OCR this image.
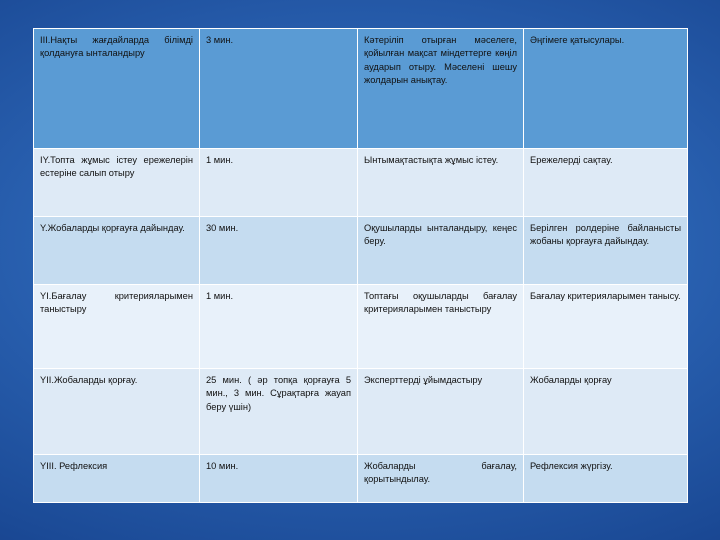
III.Нақты жағдайларда білімді қолдануға ынталандыру	3 мин.	Кәтеріліп отырған мәселеге, қойылған мақсат міндеттерге көңіл аударып отыру. Мәселені шешу жолдарын анықтау.	Әңгімеге қатысулары.

IY.Топта жұмыс істеу ережелерін естеріне салып отыру	1 мин.	Ынтымақтастықта жұмыс істеу.	Ережелерді сақтау.

Y.Жобаларды қорғауға дайындау.	30 мин.	Оқушыларды ынталандыру, кеңес беру.	Берілген ролдеріне байланысты жобаны қорғауға дайындау.

YІ.Бағалау критерияларымен таныстыру	1 мин.	Топтағы оқушыларды бағалау критерияларымен таныстыру	Бағалау критерияларымен танысу.

YІІ.Жобаларды қорғау.	25 мин. ( әр топқа қорғауға 5 мин., 3 мин. Сұрақтарға жауап беру үшін)	Эксперттерді ұйымдастыру	Жобаларды қорғау

YІІІ. Рефлексия	10 мин.	Жобаларды бағалау, қорытындылау.	Рефлексия жүргізу.
